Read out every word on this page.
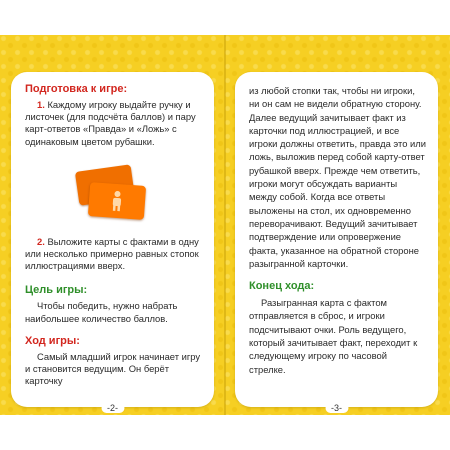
Подготовка к игре:

1. Каждому игроку выдайте ручку и листочек (для подсчёта баллов) и пару карт-ответов «Правда» и «Ложь» с одинаковым цветом рубашки.

2. Выложите карты с фактами в одну или несколько примерно равных стопок иллюстрациями вверх.

Цель игры:

Чтобы победить, нужно набрать наибольшее количество баллов.

Ход игры:

Самый младший игрок начинает игру и становится ведущим. Он берёт карточку

-2-

из любой стопки так, чтобы ни игроки, ни он сам не видели обратную сторону. Далее ведущий зачитывает факт из карточки под иллюстрацией, и все игроки должны ответить, правда это или ложь, выложив перед собой карту-ответ рубашкой вверх. Прежде чем ответить, игроки могут обсуждать варианты между собой. Когда все ответы выложены на стол, их одновременно переворачивают. Ведущий зачитывает подтверждение или опровержение факта, указанное на обратной стороне разыгранной карточки.

Конец хода:

Разыгранная карта с фактом отправляется в сброс, и игроки подсчитывают очки. Роль ведущего, который зачитывает факт, переходит к следующему игроку по часовой стрелке.

-3-
